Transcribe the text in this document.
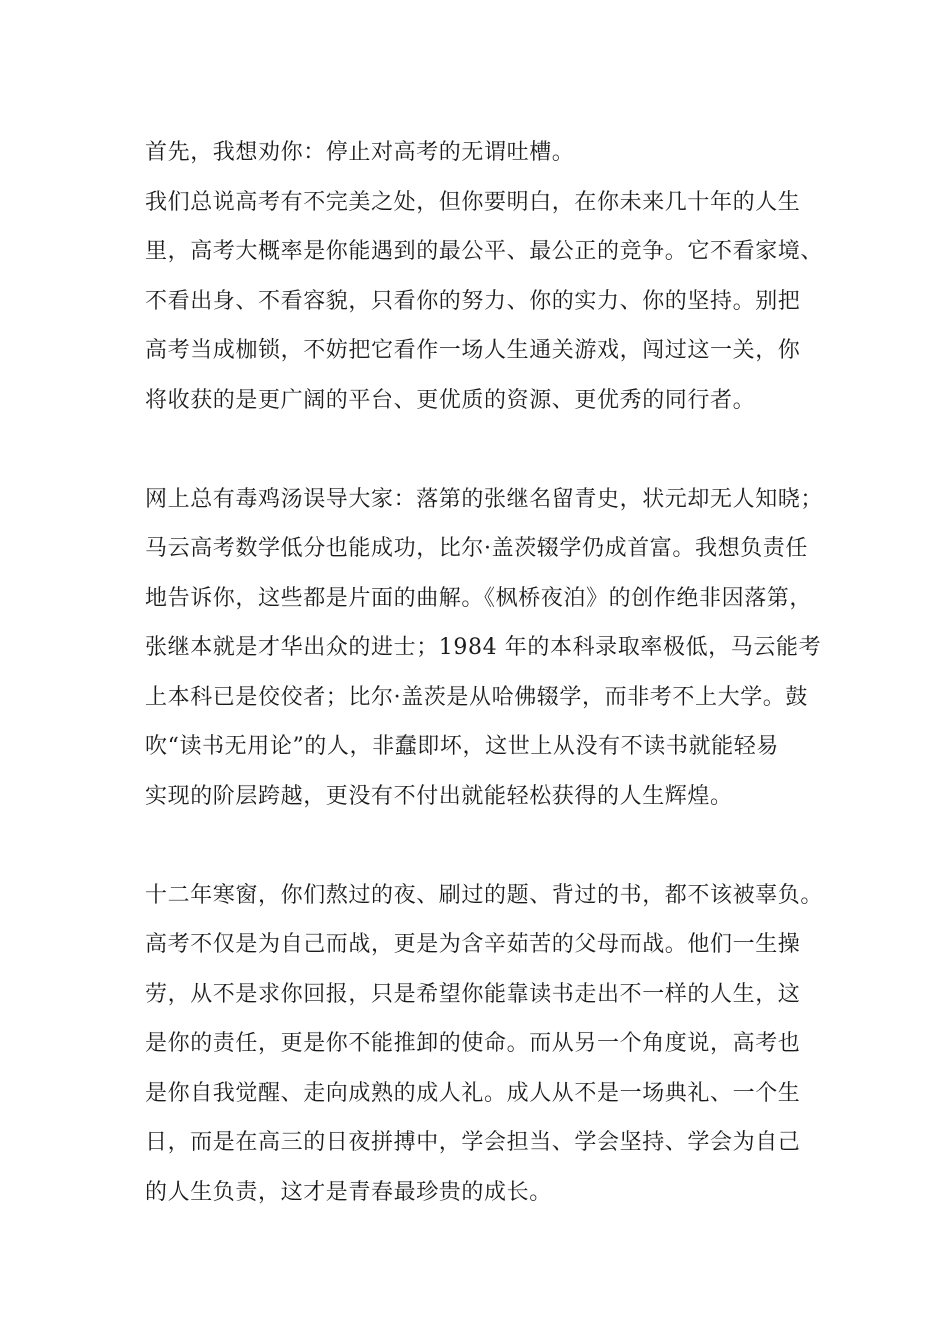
首先，我想劝你：停止对高考的无谓吐槽。
我们总说高考有不完美之处，但你要明白，在你未来几十年的人生
里，高考大概率是你能遇到的最公平、最公正的竞争。它不看家境、
不看出身、不看容貌，只看你的努力、你的实力、你的坚持。别把
高考当成枷锁，不妨把它看作一场人生通关游戏，闯过这一关，你
将收获的是更广阔的平台、更优质的资源、更优秀的同行者。
网上总有毒鸡汤误导大家：落第的张继名留青史，状元却无人知晓；
马云高考数学低分也能成功，比尔·盖茨辍学仍成首富。我想负责任
地告诉你，这些都是片面的曲解。《枫桥夜泊》的创作绝非因落第，
张继本就是才华出众的进士；1984 年的本科录取率极低，马云能考
上本科已是佼佼者；比尔·盖茨是从哈佛辍学，而非考不上大学。鼓
吹“读书无用论”的人，非蠢即坏，这世上从没有不读书就能轻易
实现的阶层跨越，更没有不付出就能轻松获得的人生辉煌。
十二年寒窗，你们熬过的夜、刷过的题、背过的书，都不该被辜负。
高考不仅是为自己而战，更是为含辛茹苦的父母而战。他们一生操
劳，从不是求你回报，只是希望你能靠读书走出不一样的人生，这
是你的责任，更是你不能推卸的使命。而从另一个角度说，高考也
是你自我觉醒、走向成熟的成人礼。成人从不是一场典礼、一个生
日，而是在高三的日夜拼搏中，学会担当、学会坚持、学会为自己
的人生负责，这才是青春最珍贵的成长。
